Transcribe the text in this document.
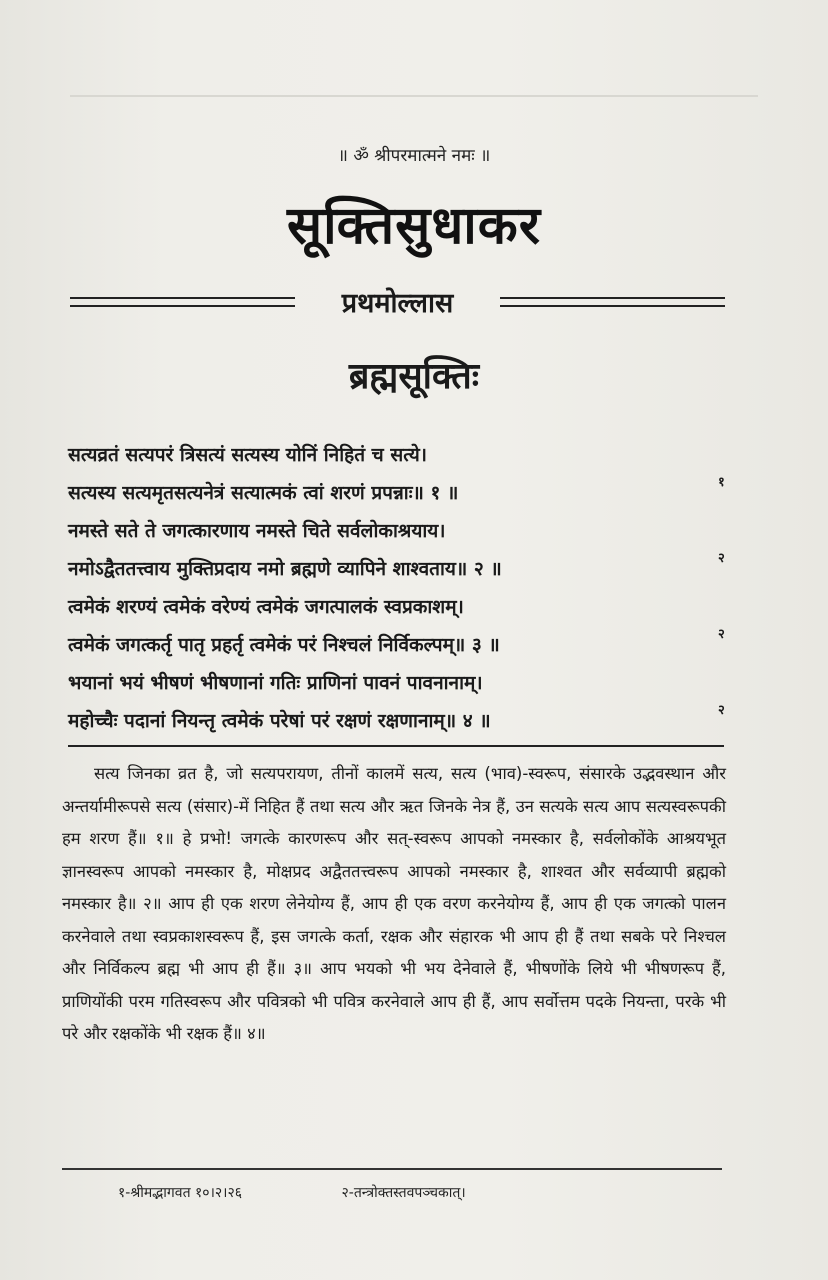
॥ ॐ श्रीपरमात्मने नमः ॥
सूक्तिसुधाकर
प्रथमोल्लास
ब्रह्मसूक्तिः
सत्यव्रतं सत्यपरं त्रिसत्यं सत्यस्य योनिं निहितं च सत्ये।
सत्यस्य सत्यमृतसत्यनेत्रं सत्यात्मकं त्वां शरणं प्रपन्नाः॥ १ ॥	१
नमस्ते सते ते जगत्कारणाय नमस्ते चिते सर्वलोकाश्रयाय।
नमोऽद्वैततत्त्वाय मुक्तिप्रदाय नमो ब्रह्मणे व्यापिने शाश्वताय॥ २ ॥	२
त्वमेकं शरण्यं त्वमेकं वरेण्यं त्वमेकं जगत्पालकं स्वप्रकाशम्।
त्वमेकं जगत्कर्तृ पातृ प्रहर्तृ त्वमेकं परं निश्चलं निर्विकल्पम्॥ ३ ॥	२
भयानां भयं भीषणं भीषणानां गतिः प्राणिनां पावनं पावनानाम्।
महोच्चैः पदानां नियन्तृ त्वमेकं परेषां परं रक्षणं रक्षणानाम्॥ ४ ॥	२

सत्य जिनका व्रत है, जो सत्यपरायण, तीनों कालमें सत्य, सत्य (भाव)-स्वरूप, संसारके उद्भवस्थान और अन्तर्यामीरूपसे सत्य (संसार)-में निहित हैं तथा सत्य और ऋत जिनके नेत्र हैं, उन सत्यके सत्य आप सत्यस्वरूपकी हम शरण हैं॥ १॥ हे प्रभो! जगत्के कारणरूप और सत्-स्वरूप आपको नमस्कार है, सर्वलोकोंके आश्रयभूत ज्ञानस्वरूप आपको नमस्कार है, मोक्षप्रद अद्वैततत्त्वरूप आपको नमस्कार है, शाश्वत और सर्वव्यापी ब्रह्मको नमस्कार है॥ २॥ आप ही एक शरण लेनेयोग्य हैं, आप ही एक वरण करनेयोग्य हैं, आप ही एक जगत्को पालन करनेवाले तथा स्वप्रकाशस्वरूप हैं, इस जगत्के कर्ता, रक्षक और संहारक भी आप ही हैं तथा सबके परे निश्चल और निर्विकल्प ब्रह्म भी आप ही हैं॥ ३॥ आप भयको भी भय देनेवाले हैं, भीषणोंके लिये भी भीषणरूप हैं, प्राणियोंकी परम गतिस्वरूप और पवित्रको भी पवित्र करनेवाले आप ही हैं, आप सर्वोत्तम पदके नियन्ता, परके भी परे और रक्षकोंके भी रक्षक हैं॥ ४॥

१-श्रीमद्भागवत १०।२।२६	२-तन्त्रोक्तस्तवपञ्चकात्।
